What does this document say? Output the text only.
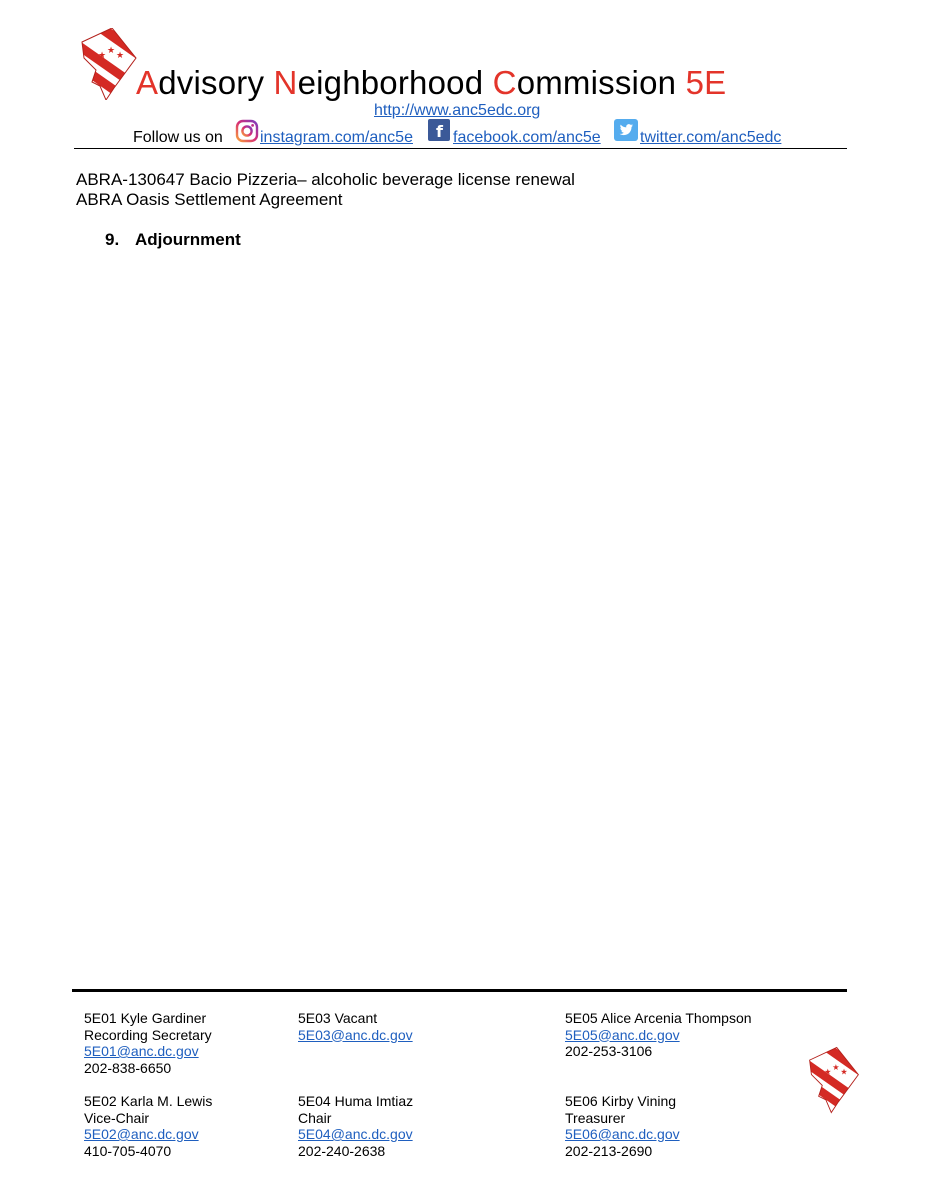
★ ★ ★
Advisory Neighborhood Commission 5E
http://www.anc5edc.org
Follow us on instagram.com/anc5e f facebook.com/anc5e twitter.com/anc5edc
ABRA-130647 Bacio Pizzeria– alcoholic beverage license renewal
ABRA Oasis Settlement Agreement
9. Adjournment
5E01 Kyle Gardiner
Recording Secretary
5E01@anc.dc.gov
202-838-6650
5E03 Vacant
5E03@anc.dc.gov
5E05 Alice Arcenia Thompson
5E05@anc.dc.gov
202-253-3106
5E02 Karla M. Lewis
Vice-Chair
5E02@anc.dc.gov
410-705-4070
5E04 Huma Imtiaz
Chair
5E04@anc.dc.gov
202-240-2638
5E06 Kirby Vining
Treasurer
5E06@anc.dc.gov
202-213-2690
★ ★ ★
